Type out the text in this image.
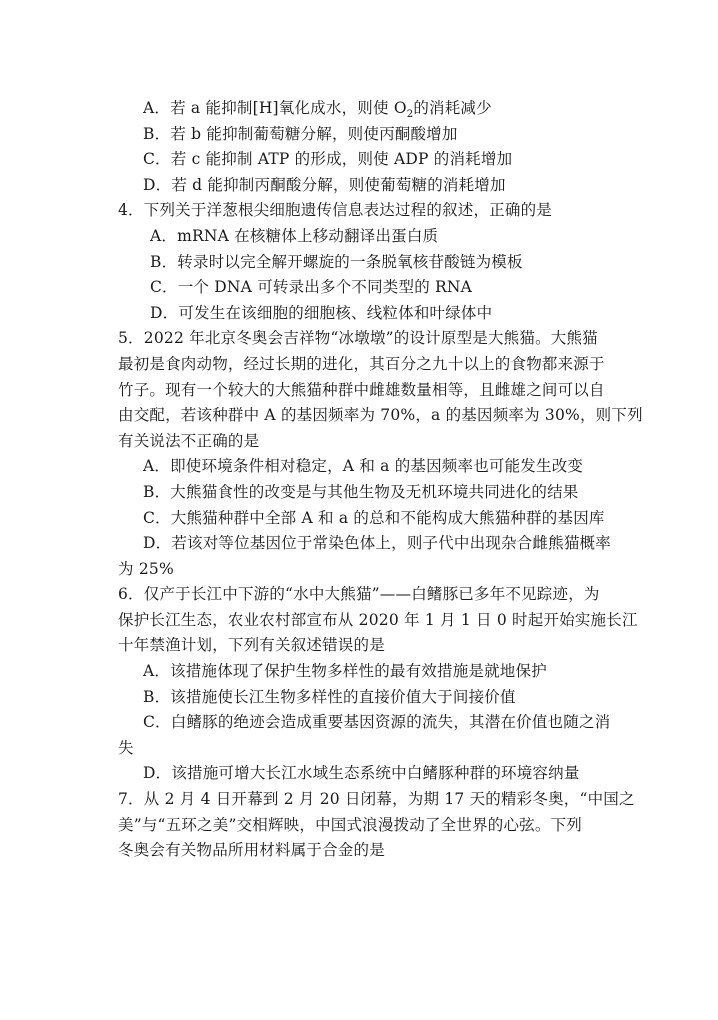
A．若 a 能抑制[H]氧化成水，则使 $O_2$的消耗减少
B．若 b 能抑制葡萄糖分解，则使丙酮酸增加
C．若 c 能抑制 ATP 的形成，则使 ADP 的消耗增加
D．若 d 能抑制丙酮酸分解，则使葡萄糖的消耗增加
4．下列关于洋葱根尖细胞遗传信息表达过程的叙述，正确的是
A．mRNA 在核糖体上移动翻译出蛋白质
B．转录时以完全解开螺旋的一条脱氧核苷酸链为模板
C．一个 DNA 可转录出多个不同类型的 RNA
D．可发生在该细胞的细胞核、线粒体和叶绿体中
5．2022 年北京冬奥会吉祥物“冰墩墩”的设计原型是大熊猫。大熊猫
最初是食肉动物，经过长期的进化，其百分之九十以上的食物都来源于
竹子。现有一个较大的大熊猫种群中雌雄数量相等，且雌雄之间可以自
由交配，若该种群中 A 的基因频率为 70%，a 的基因频率为 30%，则下列
有关说法不正确的是
A．即使环境条件相对稳定，A 和 a 的基因频率也可能发生改变
B．大熊猫食性的改变是与其他生物及无机环境共同进化的结果
C．大熊猫种群中全部 A 和 a 的总和不能构成大熊猫种群的基因库
D．若该对等位基因位于常染色体上，则子代中出现杂合雌熊猫概率
为 25%
6．仅产于长江中下游的“水中大熊猫”——白鳍豚已多年不见踪迹，为
保护长江生态，农业农村部宣布从 2020 年 1 月 1 日 0 时起开始实施长江
十年禁渔计划，下列有关叙述错误的是
A．该措施体现了保护生物多样性的最有效措施是就地保护
B．该措施使长江生物多样性的直接价值大于间接价值
C．白鳍豚的绝迹会造成重要基因资源的流失，其潜在价值也随之消
失
D．该措施可增大长江水域生态系统中白鳍豚种群的环境容纳量
7．从 2 月 4 日开幕到 2 月 20 日闭幕，为期 17 天的精彩冬奥，“中国之
美”与“五环之美”交相辉映，中国式浪漫拨动了全世界的心弦。下列
冬奥会有关物品所用材料属于合金的是
